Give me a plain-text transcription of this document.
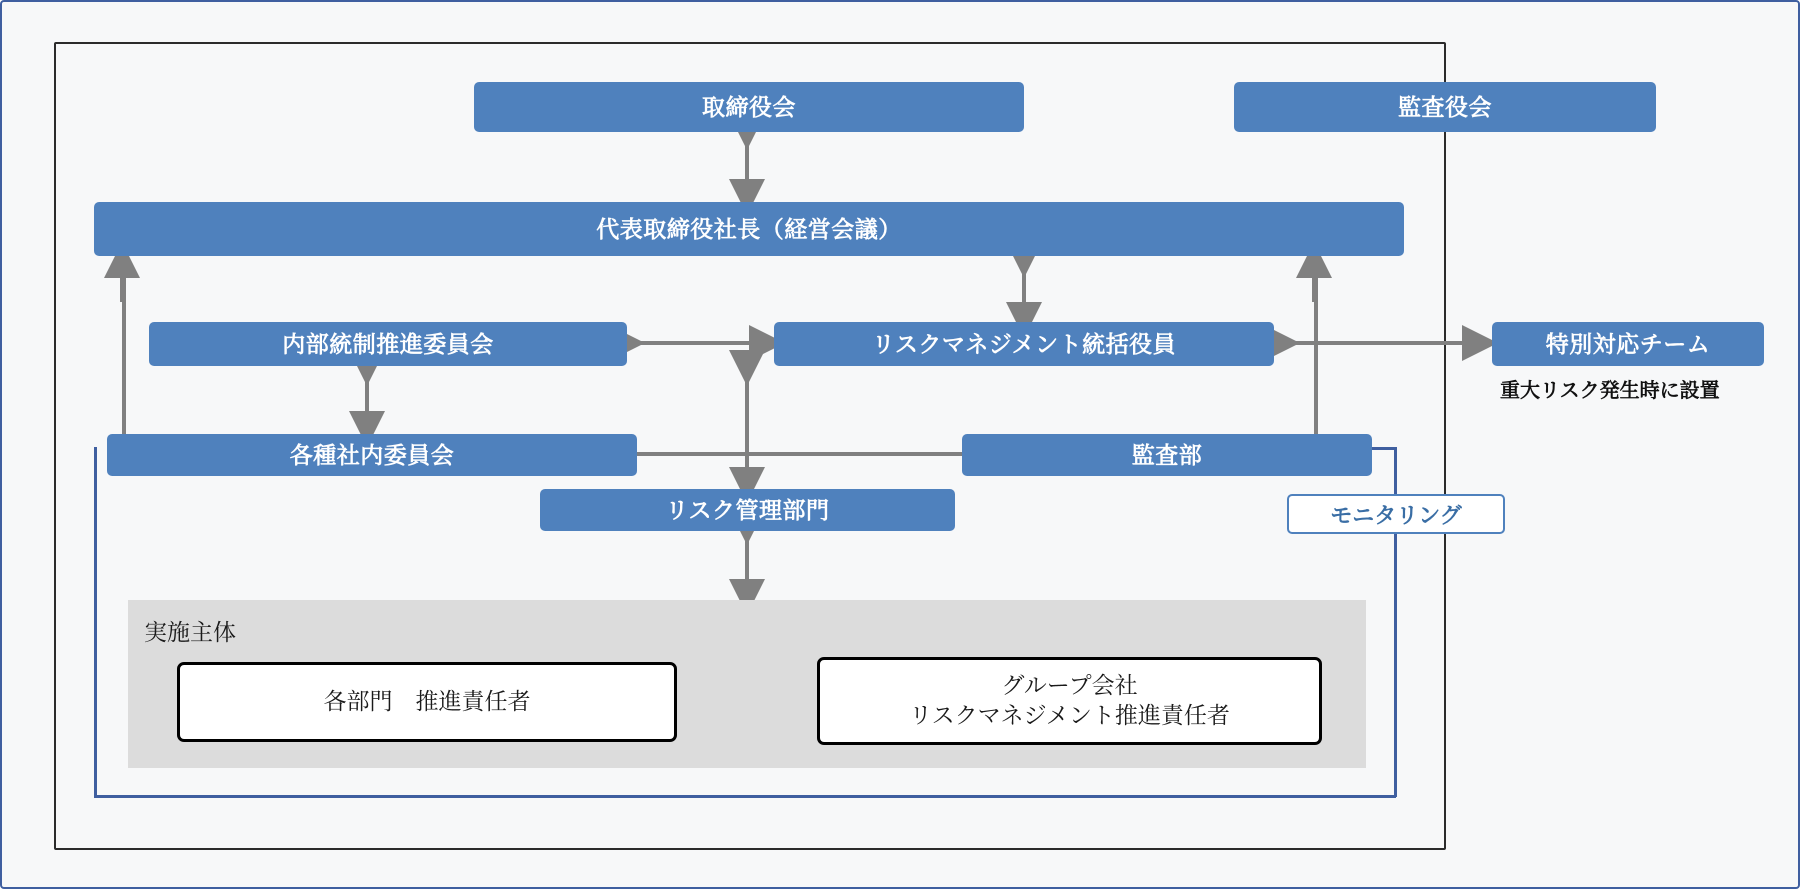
取締役会	監査役会
代表取締役社長（経営会議）
内部統制推進委員会	リスクマネジメント統括役員	特別対応チーム
重大リスク発生時に設置
各種社内委員会	監査部
リスク管理部門	モニタリング
実施主体
各部門　推進責任者
グループ会社
リスクマネジメント推進責任者
